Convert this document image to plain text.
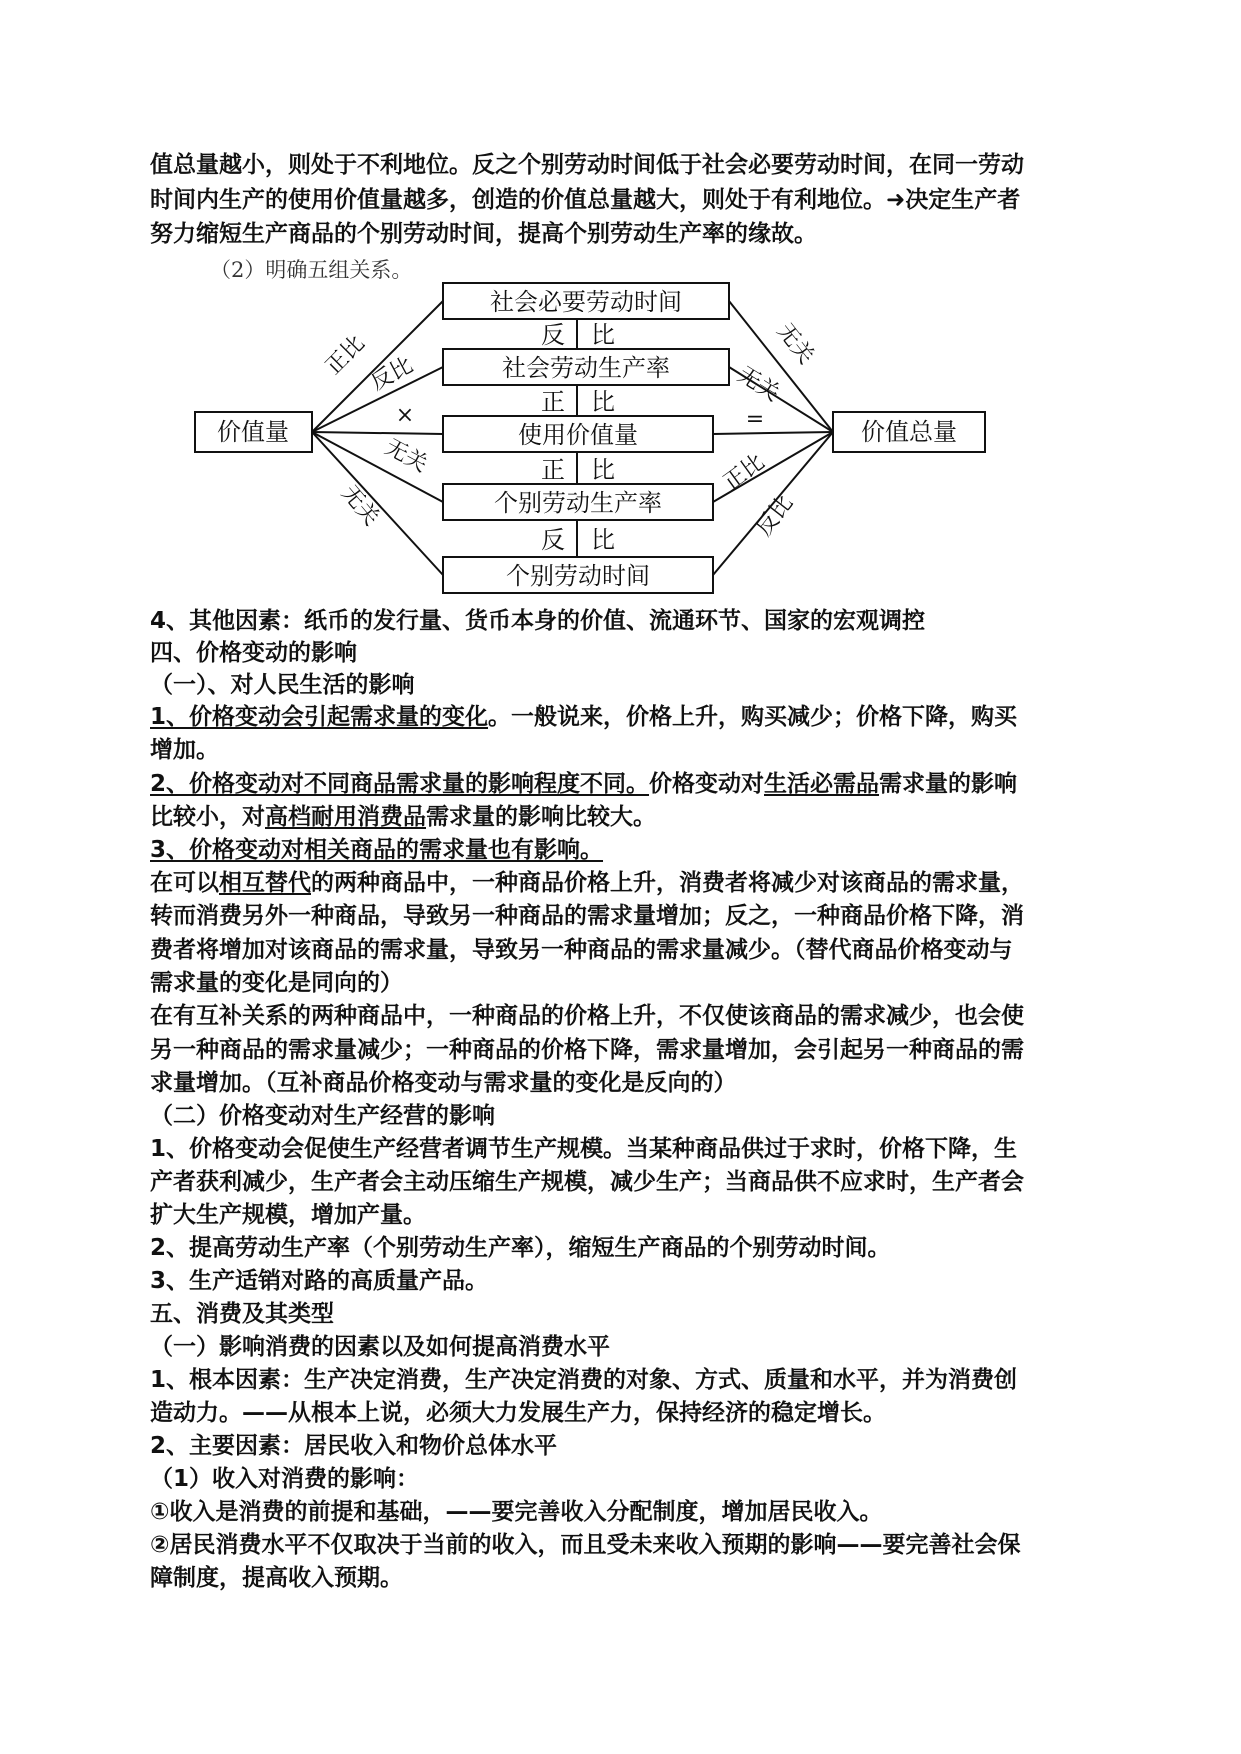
值总量越小，则处于不利地位。反之个别劳动时间低于社会必要劳动时间，在同一劳动
时间内生产的使用价值量越多，创造的价值总量越大，则处于有利地位。➜决定生产者
努力缩短生产商品的个别劳动时间，提高个别劳动生产率的缘故。
（2）明确五组关系。
价值量	价值总量
社会必要劳动时间
社会劳动生产率
使用价值量
个别劳动生产率
个别劳动时间
反 比
正 比
正 比
反 比
正比
反比
×
无关
无关
无关
无关
=
正比
反比
4、其他因素：纸币的发行量、货币本身的价值、流通环节、国家的宏观调控
四、价格变动的影响
（一）、对人民生活的影响
1、价格变动会引起需求量的变化。一般说来，价格上升，购买减少；价格下降，购买
增加。
2、价格变动对不同商品需求量的影响程度不同。价格变动对生活必需品需求量的影响
比较小，对高档耐用消费品需求量的影响比较大。
3、价格变动对相关商品的需求量也有影响。
在可以相互替代的两种商品中，一种商品价格上升，消费者将减少对该商品的需求量，
转而消费另外一种商品，导致另一种商品的需求量增加；反之，一种商品价格下降，消
费者将增加对该商品的需求量，导致另一种商品的需求量减少。（替代商品价格变动与
需求量的变化是同向的）
在有互补关系的两种商品中，一种商品的价格上升，不仅使该商品的需求减少，也会使
另一种商品的需求量减少；一种商品的价格下降，需求量增加，会引起另一种商品的需
求量增加。（互补商品价格变动与需求量的变化是反向的）
（二）价格变动对生产经营的影响
1、价格变动会促使生产经营者调节生产规模。当某种商品供过于求时，价格下降，生
产者获利减少，生产者会主动压缩生产规模，减少生产；当商品供不应求时，生产者会
扩大生产规模，增加产量。
2、提高劳动生产率（个别劳动生产率），缩短生产商品的个别劳动时间。
3、生产适销对路的高质量产品。
五、消费及其类型
（一）影响消费的因素以及如何提高消费水平
1、根本因素：生产决定消费，生产决定消费的对象、方式、质量和水平，并为消费创
造动力。——从根本上说，必须大力发展生产力，保持经济的稳定增长。
2、主要因素：居民收入和物价总体水平
（1）收入对消费的影响：
①收入是消费的前提和基础，——要完善收入分配制度，增加居民收入。
②居民消费水平不仅取决于当前的收入，而且受未来收入预期的影响——要完善社会保
障制度，提高收入预期。
